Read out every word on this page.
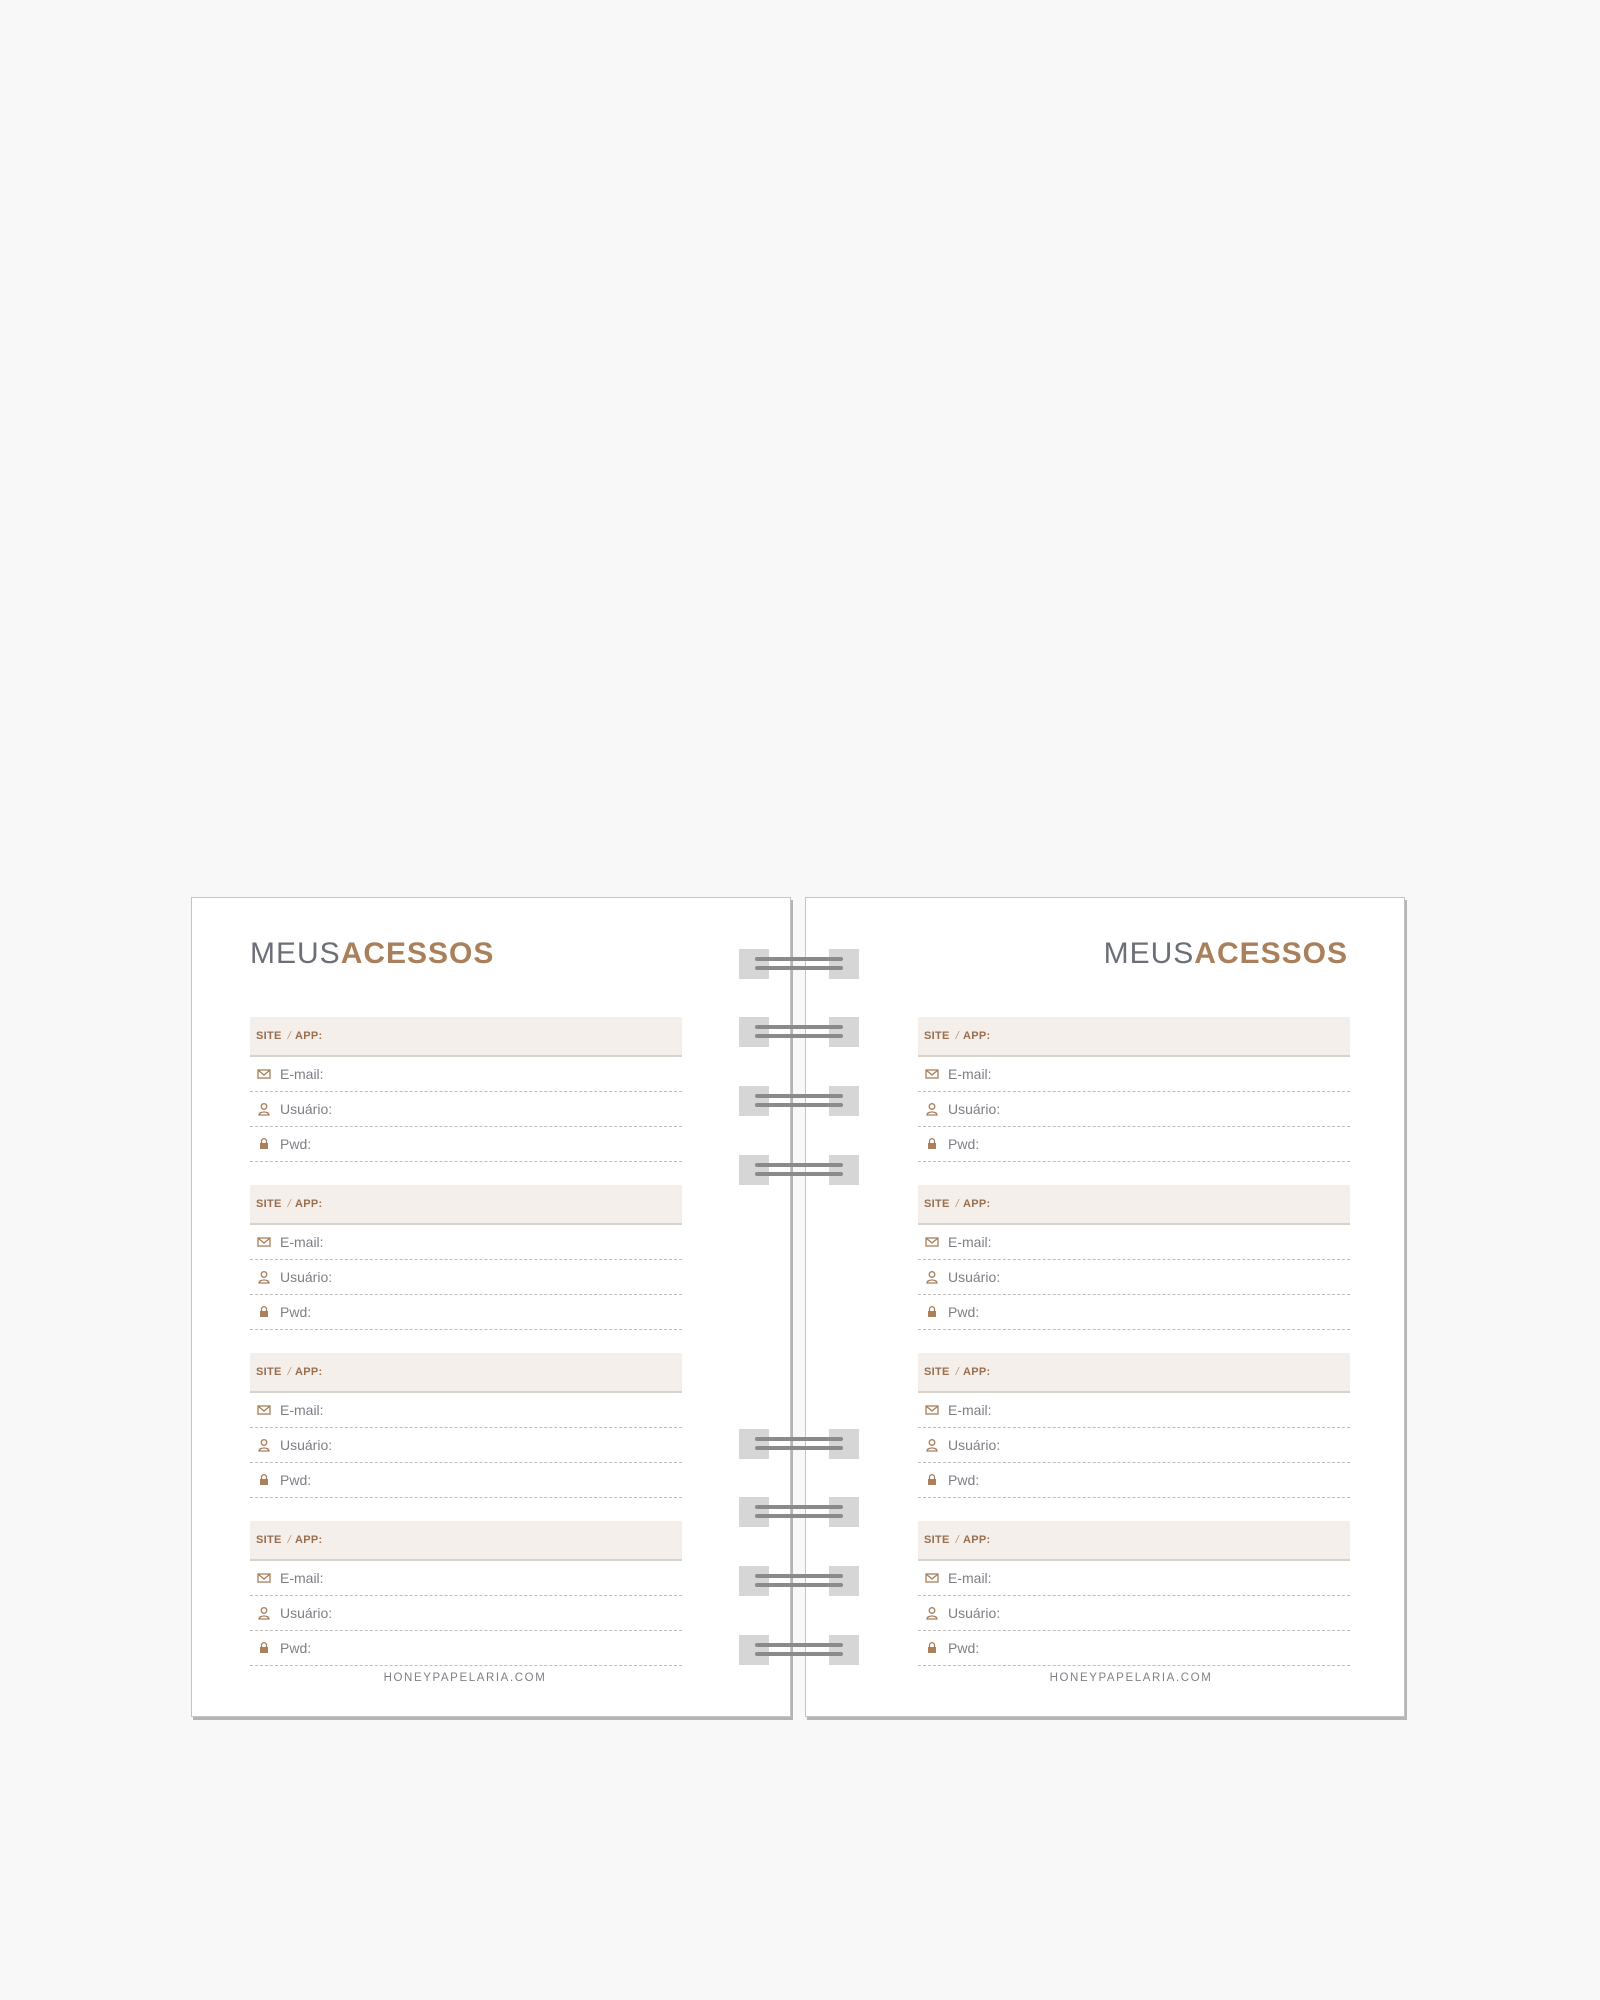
MEUSACESSOS
SITE / APP:
E-mail:
Usuário:
Pwd:
SITE / APP:
E-mail:
Usuário:
Pwd:
SITE / APP:
E-mail:
Usuário:
Pwd:
SITE / APP:
E-mail:
Usuário:
Pwd:
HONEYPAPELARIA.COM
MEUSACESSOS
SITE / APP:
E-mail:
Usuário:
Pwd:
SITE / APP:
E-mail:
Usuário:
Pwd:
SITE / APP:
E-mail:
Usuário:
Pwd:
SITE / APP:
E-mail:
Usuário:
Pwd:
HONEYPAPELARIA.COM
